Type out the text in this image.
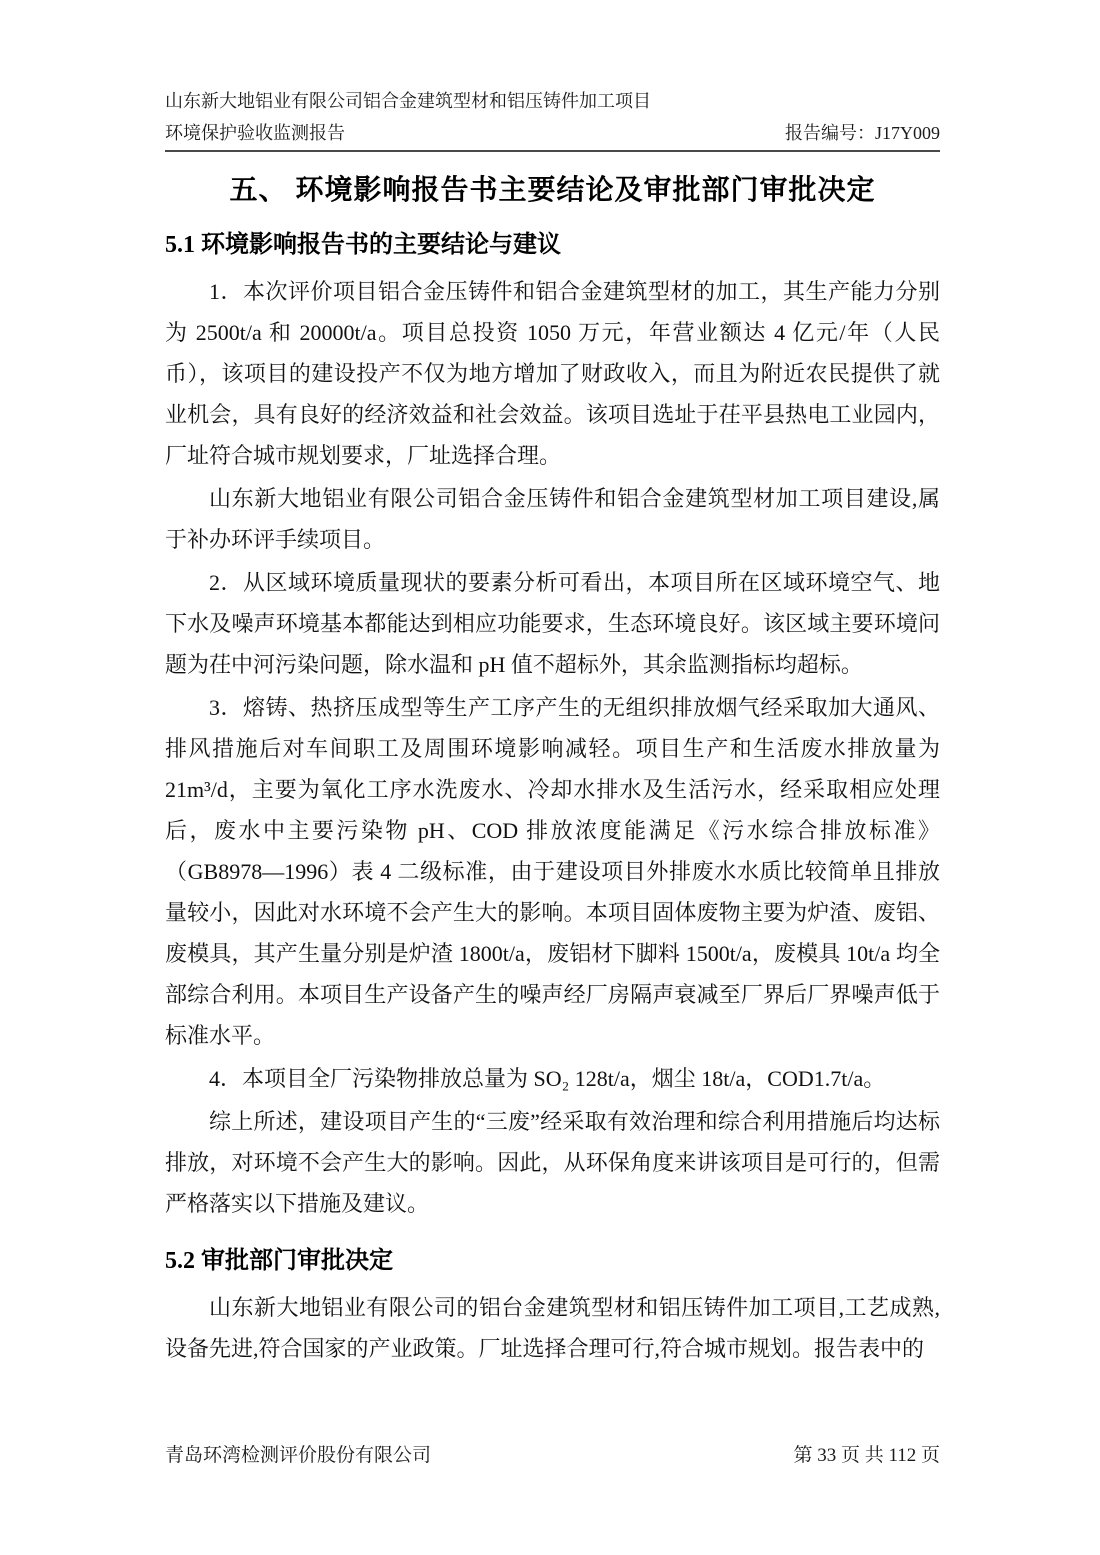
山东新大地铝业有限公司铝合金建筑型材和铝压铸件加工项目
环境保护验收监测报告	报告编号：J17Y009
五、 环境影响报告书主要结论及审批部门审批决定
5.1 环境影响报告书的主要结论与建议

1．本次评价项目铝合金压铸件和铝合金建筑型材的加工，其生产能力分别为 2500t/a 和 20000t/a。项目总投资 1050 万元，年营业额达 4 亿元/年（人民币），该项目的建设投产不仅为地方增加了财政收入，而且为附近农民提供了就业机会，具有良好的经济效益和社会效益。该项目选址于茌平县热电工业园内，厂址符合城市规划要求，厂址选择合理。

山东新大地铝业有限公司铝合金压铸件和铝合金建筑型材加工项目建设,属于补办环评手续项目。

2．从区域环境质量现状的要素分析可看出，本项目所在区域环境空气、地下水及噪声环境基本都能达到相应功能要求，生态环境良好。该区域主要环境问题为茌中河污染问题，除水温和 pH 值不超标外，其余监测指标均超标。

3．熔铸、热挤压成型等生产工序产生的无组织排放烟气经采取加大通风、排风措施后对车间职工及周围环境影响减轻。项目生产和生活废水排放量为 21m³/d，主要为氧化工序水洗废水、冷却水排水及生活污水，经采取相应处理后，废水中主要污染物 pH、COD 排放浓度能满足《污水综合排放标准》（GB8978—1996）表 4 二级标准，由于建设项目外排废水水质比较简单且排放量较小，因此对水环境不会产生大的影响。本项目固体废物主要为炉渣、废铝、废模具，其产生量分别是炉渣 1800t/a，废铝材下脚料 1500t/a，废模具 10t/a 均全部综合利用。本项目生产设备产生的噪声经厂房隔声衰减至厂界后厂界噪声低于标准水平。

4．本项目全厂污染物排放总量为 SO₂ 128t/a，烟尘 18t/a，COD1.7t/a。

综上所述，建设项目产生的“三废”经采取有效治理和综合利用措施后均达标排放，对环境不会产生大的影响。因此，从环保角度来讲该项目是可行的，但需严格落实以下措施及建议。

5.2 审批部门审批决定

山东新大地铝业有限公司的铝台金建筑型材和铝压铸件加工项目,工艺成熟,设备先进,符合国家的产业政策。厂址选择合理可行,符合城市规划。报告表中的

青岛环湾检测评价股份有限公司	第 33 页 共 112 页
